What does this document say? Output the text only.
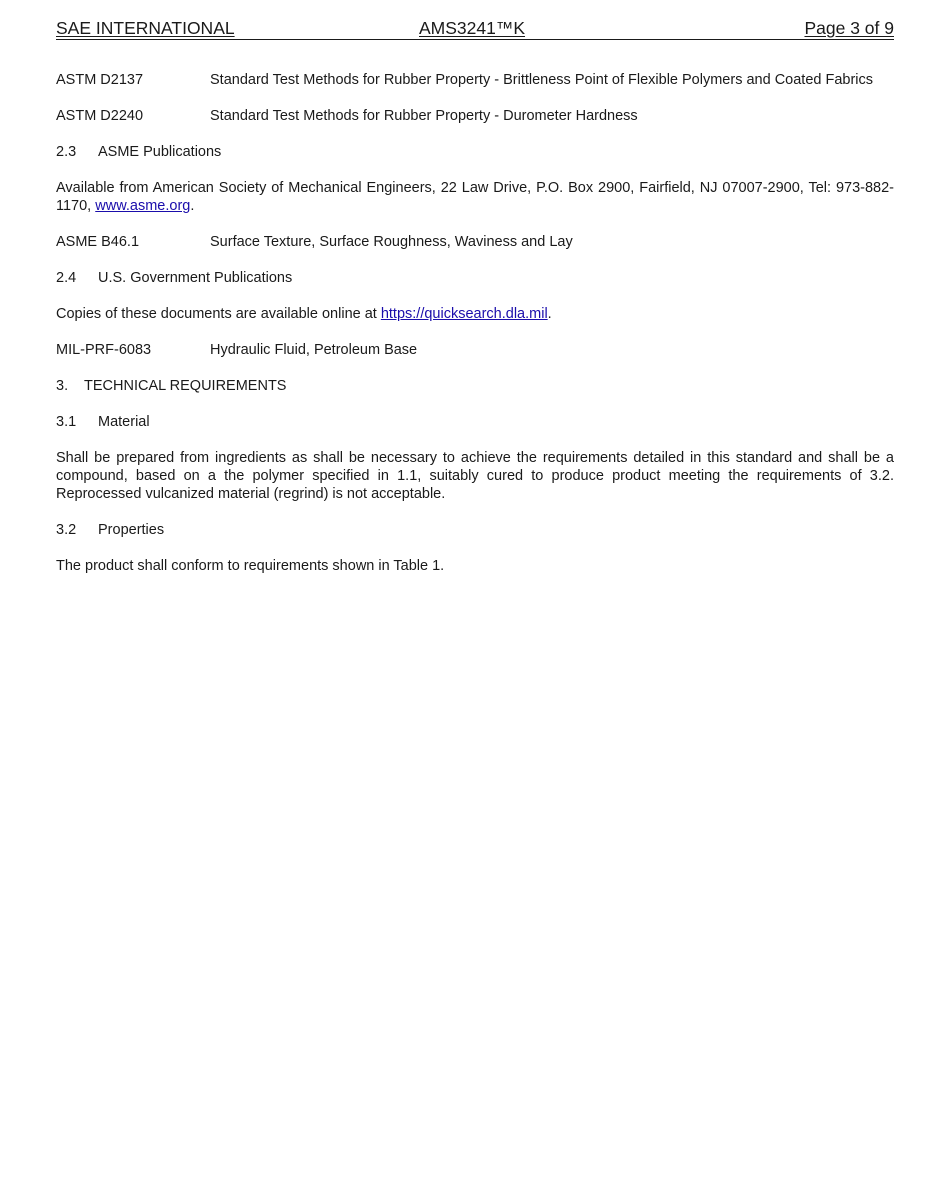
SAE INTERNATIONAL	AMS3241™K	Page 3 of 9
ASTM D2137	Standard Test Methods for Rubber Property - Brittleness Point of Flexible Polymers and Coated Fabrics
ASTM D2240	Standard Test Methods for Rubber Property - Durometer Hardness
2.3 ASME Publications
Available from American Society of Mechanical Engineers, 22 Law Drive, P.O. Box 2900, Fairfield, NJ 07007-2900, Tel: 973-882-1170, www.asme.org.
ASME B46.1	Surface Texture, Surface Roughness, Waviness and Lay
2.4 U.S. Government Publications
Copies of these documents are available online at https://quicksearch.dla.mil.
MIL-PRF-6083	Hydraulic Fluid, Petroleum Base
3. TECHNICAL REQUIREMENTS
3.1 Material
Shall be prepared from ingredients as shall be necessary to achieve the requirements detailed in this standard and shall be a compound, based on a the polymer specified in 1.1, suitably cured to produce product meeting the requirements of 3.2. Reprocessed vulcanized material (regrind) is not acceptable.
3.2 Properties
The product shall conform to requirements shown in Table 1.
